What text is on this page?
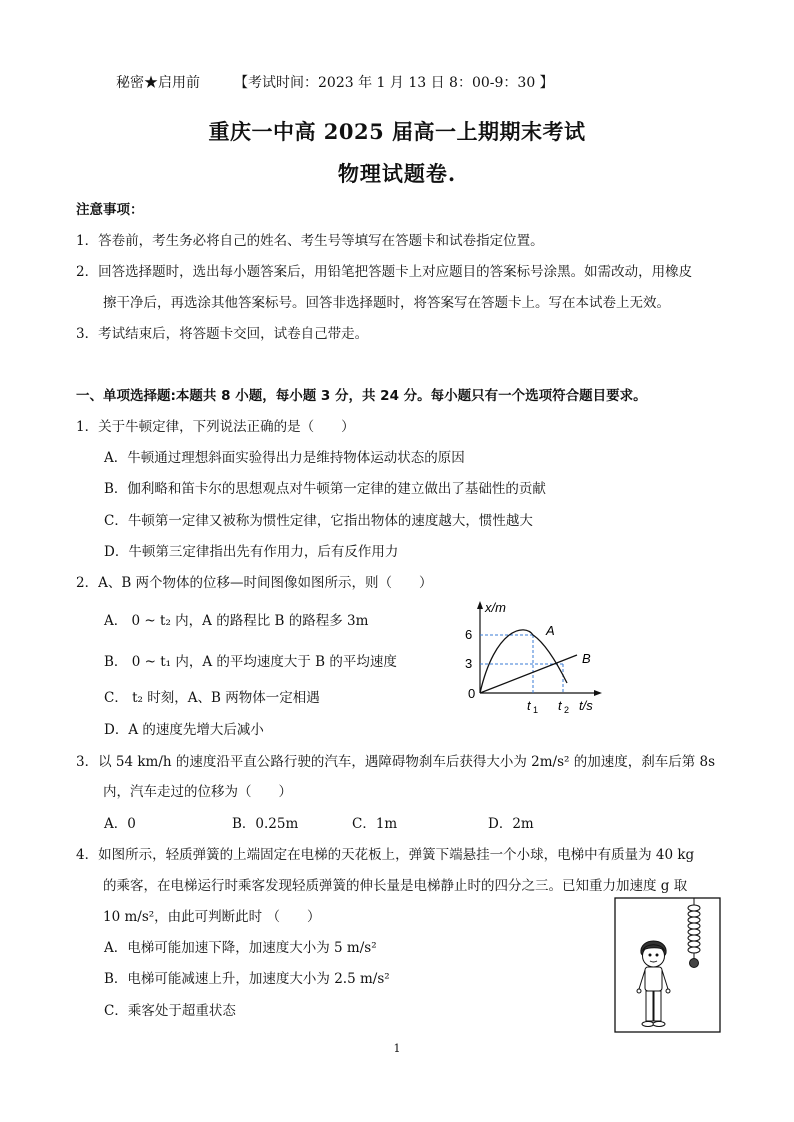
秘密★启用前 【考试时间：2023 年 1 月 13 日 8：00-9：30 】
重庆一中高 2025 届高一上期期末考试
物理试题卷.
注意事项：
1．答卷前，考生务必将自己的姓名、考生号等填写在答题卡和试卷指定位置。
2．回答选择题时，选出每小题答案后，用铅笔把答题卡上对应题目的答案标号涂黑。如需改动，用橡皮
擦干净后，再选涂其他答案标号。回答非选择题时，将答案写在答题卡上。写在本试卷上无效。
3．考试结束后，将答题卡交回，试卷自己带走。
一、单项选择题:本题共 8 小题，每小题 3 分，共 24 分。每小题只有一个选项符合题目要求。
1．关于牛顿定律，下列说法正确的是（　　）
A．牛顿通过理想斜面实验得出力是维持物体运动状态的原因
B．伽利略和笛卡尔的思想观点对牛顿第一定律的建立做出了基础性的贡献
C．牛顿第一定律又被称为惯性定律，它指出物体的速度越大，惯性越大
D．牛顿第三定律指出先有作用力，后有反作用力
2．A、B 两个物体的位移—时间图像如图所示，则（　　）
A． 0 ~ t₂ 内，A 的路程比 B 的路程多 3m
B． 0 ~ t₁ 内，A 的平均速度大于 B 的平均速度
C． t₂ 时刻，A、B 两物体一定相遇
D．A 的速度先增大后减小
x/m
6
3
0
A
B
t 1 t 2 t/s
3．以 54 km/h 的速度沿平直公路行驶的汽车，遇障碍物刹车后获得大小为 2m/s² 的加速度，刹车后第 8s
内，汽车走过的位移为（　　）
A．0	B．0.25m	C．1m	D．2m
4．如图所示，轻质弹簧的上端固定在电梯的天花板上，弹簧下端悬挂一个小球，电梯中有质量为 40 kg
的乘客，在电梯运行时乘客发现轻质弹簧的伸长量是电梯静止时的四分之三。已知重力加速度 g 取
10 m/s²，由此可判断此时 （　　）
A．电梯可能加速下降，加速度大小为 5 m/s²
B．电梯可能减速上升，加速度大小为 2.5 m/s²
C．乘客处于超重状态
1
